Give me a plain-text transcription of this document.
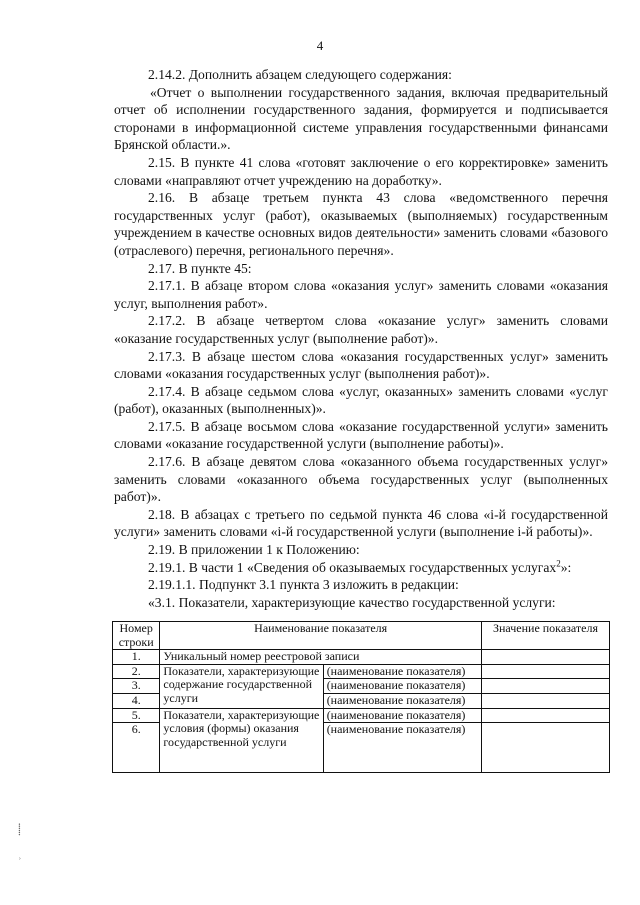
4

2.14.2. Дополнить абзацем следующего содержания:

«Отчет о выполнении государственного задания, включая предварительный отчет об исполнении государственного задания, формируется и подписывается сторонами в информационной системе управления государственными финансами Брянской области.».

2.15. В пункте 41 слова «готовят заключение о его корректировке» заменить словами «направляют отчет учреждению на доработку».

2.16. В абзаце третьем пункта 43 слова «ведомственного перечня государственных услуг (работ), оказываемых (выполняемых) государственным учреждением в качестве основных видов деятельности» заменить словами «базового (отраслевого) перечня, регионального перечня».

2.17. В пункте 45:

2.17.1. В абзаце втором слова «оказания услуг» заменить словами «оказания услуг, выполнения работ».

2.17.2. В абзаце четвертом слова «оказание услуг» заменить словами «оказание государственных услуг (выполнение работ)».

2.17.3. В абзаце шестом слова «оказания государственных услуг» заменить словами «оказания государственных услуг (выполнения работ)».

2.17.4. В абзаце седьмом слова «услуг, оказанных» заменить словами «услуг (работ), оказанных (выполненных)».

2.17.5. В абзаце восьмом слова «оказание государственной услуги» заменить словами «оказание государственной услуги (выполнение работы)».

2.17.6. В абзаце девятом слова «оказанного объема государственных услуг» заменить словами «оказанного объема государственных услуг (выполненных работ)».

2.18. В абзацах с третьего по седьмой пункта 46 слова «i-й государственной услуги» заменить словами «i-й государственной услуги (выполнение i-й работы)».

2.19. В приложении 1 к Положению:

2.19.1. В части 1 «Сведения об оказываемых государственных услугах$^2$»:

2.19.1.1. Подпункт 3.1 пункта 3 изложить в редакции:

«3.1. Показатели, характеризующие качество государственной услуги:

Номер строки	Наименование показателя		Значение показателя
1.	Уникальный номер реестровой записи		
2.	Показатели, характеризующие содержание государственной услуги	(наименование показателя)	
3.		(наименование показателя)	
4.		(наименование показателя)	
5.	Показатели, характеризующие условия (формы) оказания государственной услуги	(наименование показателя)	
6.		(наименование показателя)	
⸽
ʾ
